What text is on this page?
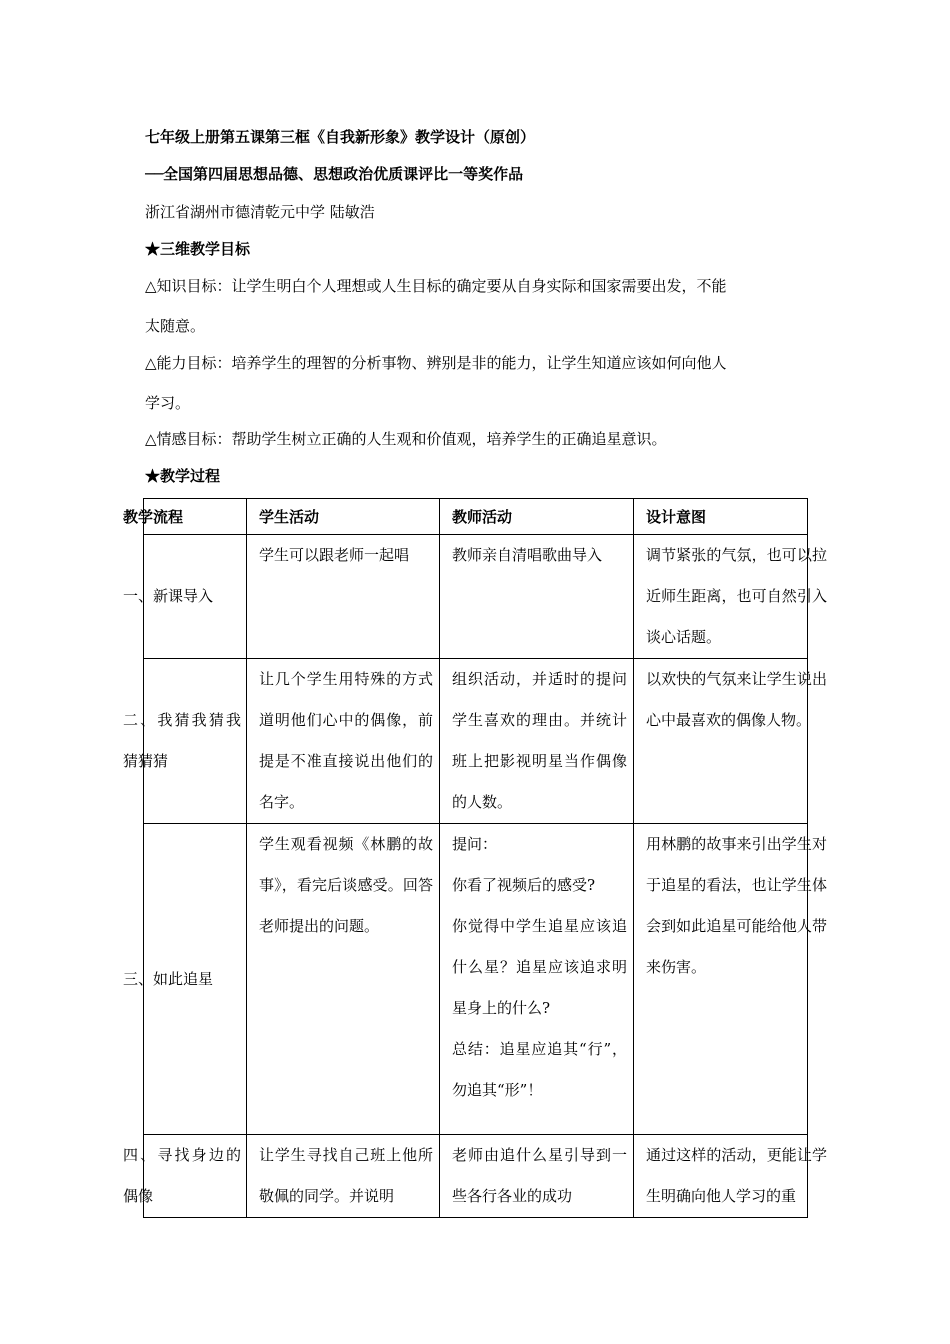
七年级上册第五课第三框《自我新形象》教学设计（原创）
──全国第四届思想品德、思想政治优质课评比一等奖作品
浙江省湖州市德清乾元中学 陆敏浩
★三维教学目标
△知识目标：让学生明白个人理想或人生目标的确定要从自身实际和国家需要出发，不能
太随意。
△能力目标：培养学生的理智的分析事物、辨别是非的能力，让学生知道应该如何向他人
学习。
△情感目标：帮助学生树立正确的人生观和价值观，培养学生的正确追星意识。
★教学过程
教学流程	学生活动	教师活动	设计意图

一、新课导入	学生可以跟老师一起唱	教师亲自清唱歌曲导入	调节紧张的气氛，也可以拉近师生距离，也可自然引入谈心话题。

二、我猜我猜我猜猜猜	让几个学生用特殊的方式道明他们心中的偶像，前提是不准直接说出他们的名字。	组织活动，并适时的提问学生喜欢的理由。并统计班上把影视明星当作偶像的人数。	以欢快的气氛来让学生说出心中最喜欢的偶像人物。

三、如此追星	学生观看视频《林鹏的故事》，看完后谈感受。回答老师提出的问题。	提问：
你看了视频后的感受?
你觉得中学生追星应该追什么星？追星应该追求明星身上的什么?
总结：追星应追其“行”，勿追其“形”！	用林鹏的故事来引出学生对于追星的看法，也让学生体会到如此追星可能给他人带来伤害。

四、寻找身边的偶像	让学生寻找自己班上他所敬佩的同学。并说明	老师由追什么星引导到一些各行各业的成功	通过这样的活动，更能让学生明确向他人学习的重
